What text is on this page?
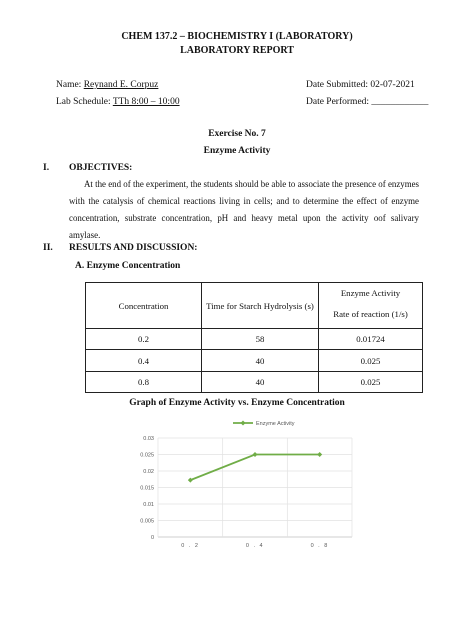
CHEM 137.2 – BIOCHEMISTRY I (LABORATORY)
LABORATORY REPORT
Name: Reynand E. Corpuz	Date Submitted: 02-07-2021
Lab Schedule: TTh 8:00 – 10:00	Date Performed: ____________
Exercise No. 7
Enzyme Activity
I. OBJECTIVES:
At the end of the experiment, the students should be able to associate the presence of enzymes with the catalysis of chemical reactions living in cells; and to determine the effect of enzyme concentration, substrate concentration, pH and heavy metal upon the activity oof salivary amylase.
II. RESULTS AND DISCUSSION:
A. Enzyme Concentration
Concentration	Time for Starch Hydrolysis (s)	Enzyme Activity
		Rate of reaction (1/s)
0.2	58	0.01724
0.4	40	0.025
0.8	40	0.025
Graph of Enzyme Activity vs. Enzyme Concentration
0.03
0.025
0.02
0.015
0.01
0.005
0
0 . 2	0 . 4	0 . 8
Enzyme Activity
